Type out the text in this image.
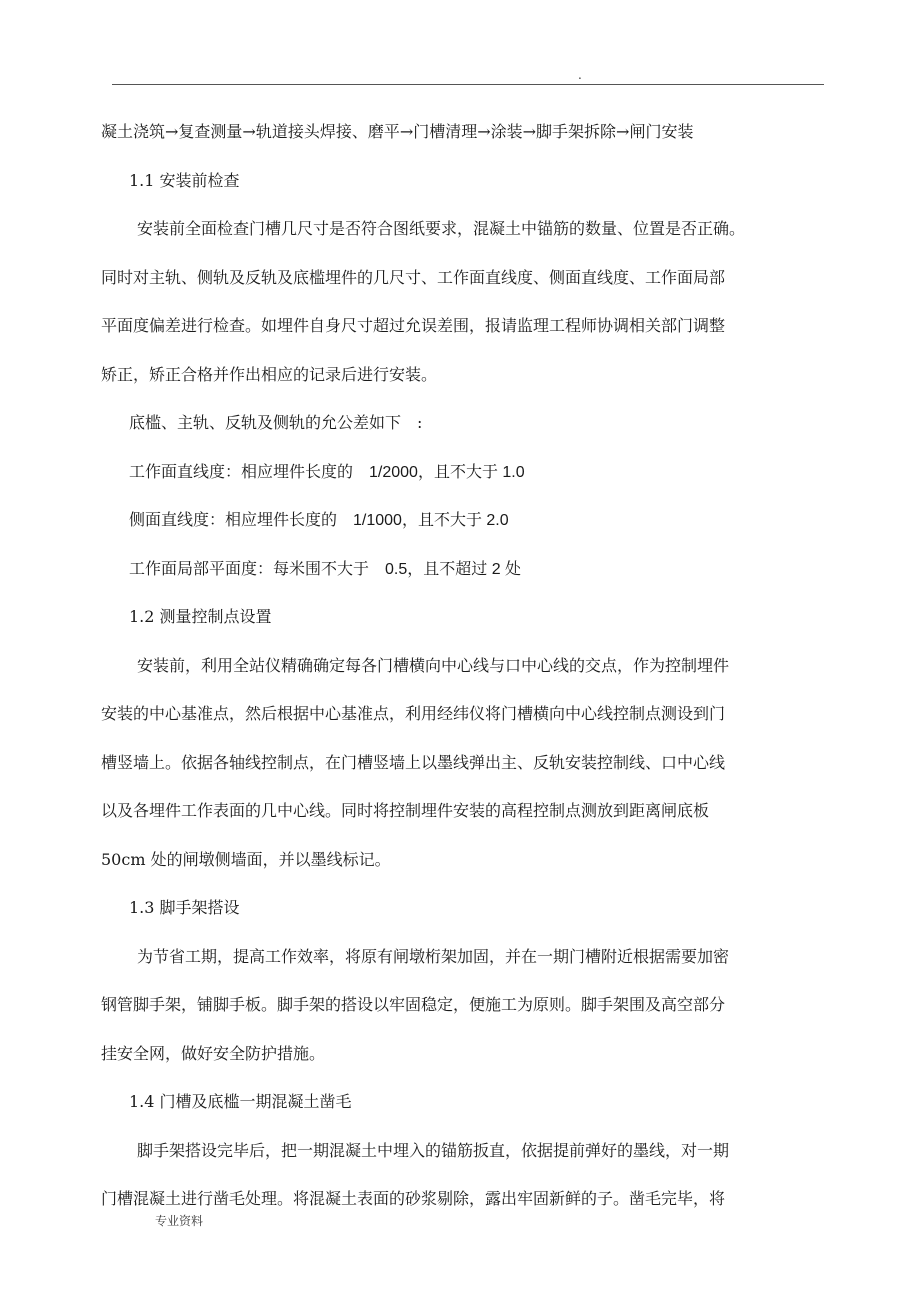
.
凝土浇筑→复查测量→轨道接头焊接、磨平→门槽清理→涂装→脚手架拆除→闸门安装
1.1 安装前检查
安装前全面检查门槽几尺寸是否符合图纸要求，混凝土中锚筋的数量、位置是否正确。
同时对主轨、侧轨及反轨及底槛埋件的几尺寸、工作面直线度、侧面直线度、工作面局部
平面度偏差进行检查。如埋件自身尺寸超过允误差围，报请监理工程师协调相关部门调整
矫正，矫正合格并作出相应的记录后进行安装。
底槛、主轨、反轨及侧轨的允公差如下　:
工作面直线度：相应埋件长度的 1/2000，且不大于 1.0
侧面直线度：相应埋件长度的 1/1000，且不大于 2.0
工作面局部平面度：每米围不大于 0.5，且不超过 2 处
1.2 测量控制点设置
安装前，利用全站仪精确确定每各门槽横向中心线与口中心线的交点，作为控制埋件
安装的中心基准点，然后根据中心基准点，利用经纬仪将门槽横向中心线控制点测设到门
槽竖墙上。依据各轴线控制点，在门槽竖墙上以墨线弹出主、反轨安装控制线、口中心线
以及各埋件工作表面的几中心线。同时将控制埋件安装的高程控制点测放到距离闸底板
50cm 处的闸墩侧墙面，并以墨线标记。
1.3 脚手架搭设
为节省工期，提高工作效率，将原有闸墩桁架加固，并在一期门槽附近根据需要加密
钢管脚手架，铺脚手板。脚手架的搭设以牢固稳定，便施工为原则。脚手架围及高空部分
挂安全网，做好安全防护措施。
1.4 门槽及底槛一期混凝土凿毛
脚手架搭设完毕后，把一期混凝土中埋入的锚筋扳直，依据提前弹好的墨线，对一期
门槽混凝土进行凿毛处理。将混凝土表面的砂浆剔除，露出牢固新鲜的子。凿毛完毕，将
专业资料
